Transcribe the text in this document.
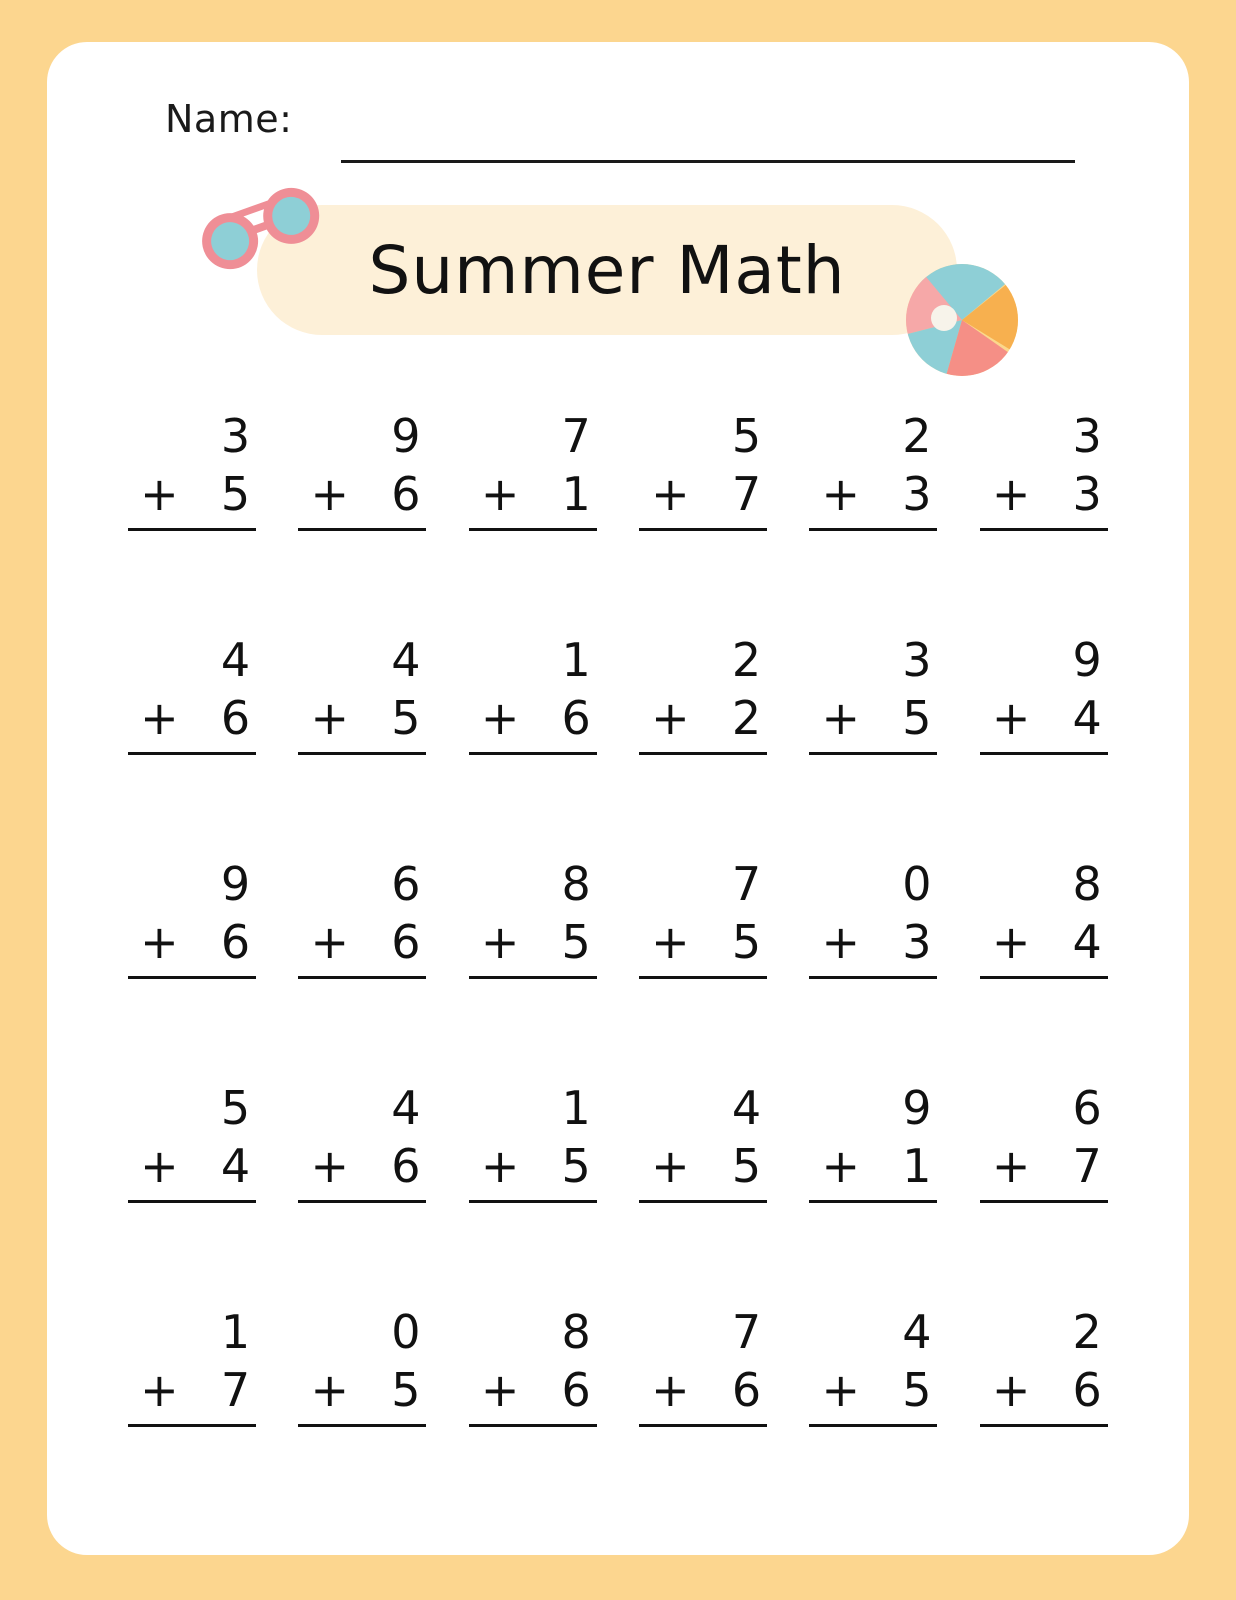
Name:
Summer Math
3
+ 5
9
+ 6
7
+ 1
5
+ 7
2
+ 3
3
+ 3
4
+ 6
4
+ 5
1
+ 6
2
+ 2
3
+ 5
9
+ 4
9
+ 6
6
+ 6
8
+ 5
7
+ 5
0
+ 3
8
+ 4
5
+ 4
4
+ 6
1
+ 5
4
+ 5
9
+ 1
6
+ 7
1
+ 7
0
+ 5
8
+ 6
7
+ 6
4
+ 5
2
+ 6
